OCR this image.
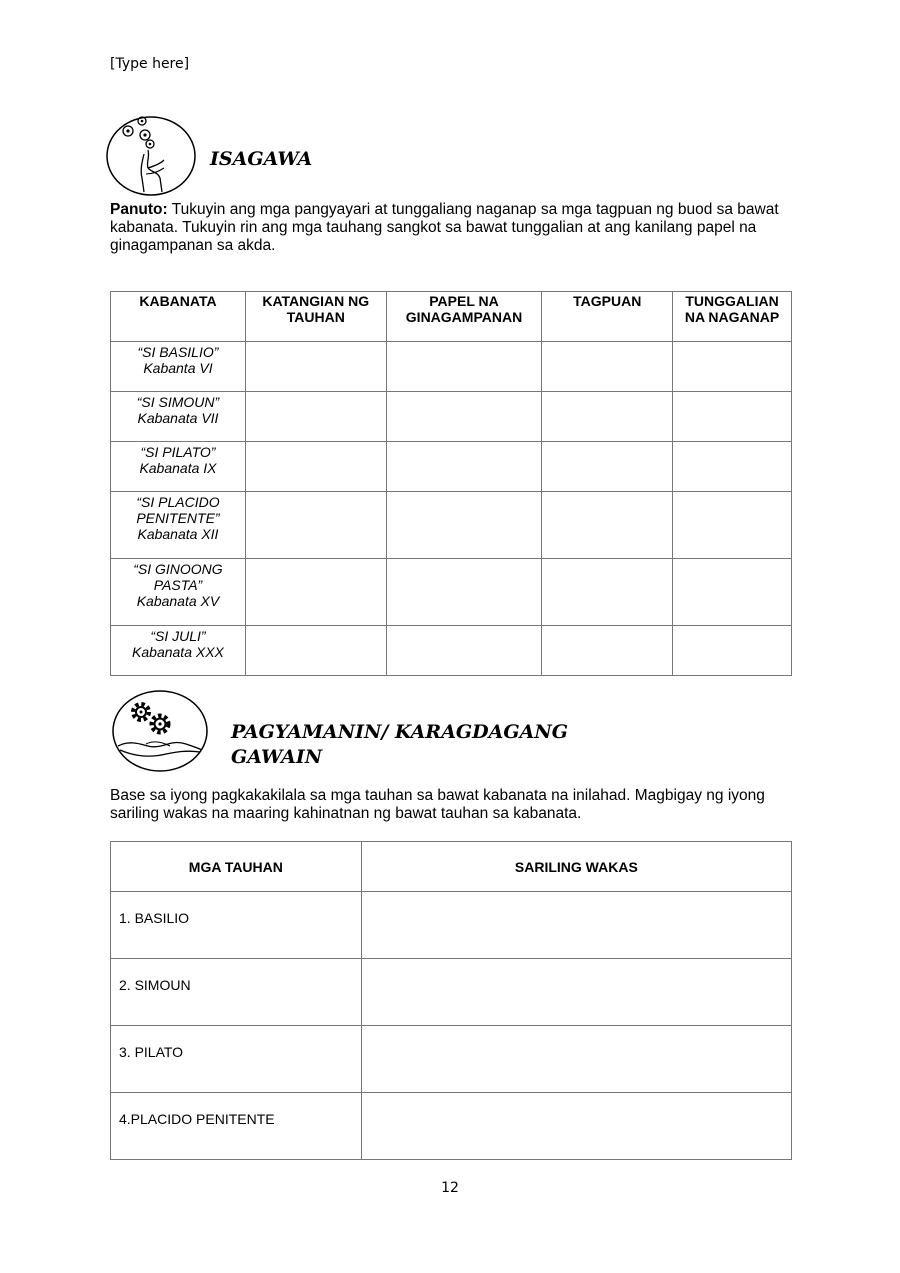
[Type here]
ISAGAWA
Panuto: Tukuyin ang mga pangyayari at tunggaliang naganap sa mga tagpuan ng buod sa bawat kabanata. Tukuyin rin ang mga tauhang sangkot sa bawat tunggalian at ang kanilang papel na ginagampanan sa akda.
KABANATA	KATANGIAN NG TAUHAN	PAPEL NA GINAGAMPANAN	TAGPUAN	TUNGGALIAN NA NAGANAP

“SI BASILIO”
Kabanta VI				

“SI SIMOUN”
Kabanata VII				

“SI PILATO”
Kabanata IX				

“SI PLACIDO PENITENTE”
Kabanata XII				

“SI GINOONG PASTA”
Kabanata XV				

“SI JULI”
Kabanata XXX				

PAGYAMANIN/ KARAGDAGANG
GAWAIN
Base sa iyong pagkakakilala sa mga tauhan sa bawat kabanata na inilahad. Magbigay ng iyong sariling wakas na maaring kahinatnan ng bawat tauhan sa kabanata.
MGA TAUHAN	SARILING WAKAS
1. BASILIO	
2. SIMOUN	
3. PILATO	
4.PLACIDO PENITENTE	
12
